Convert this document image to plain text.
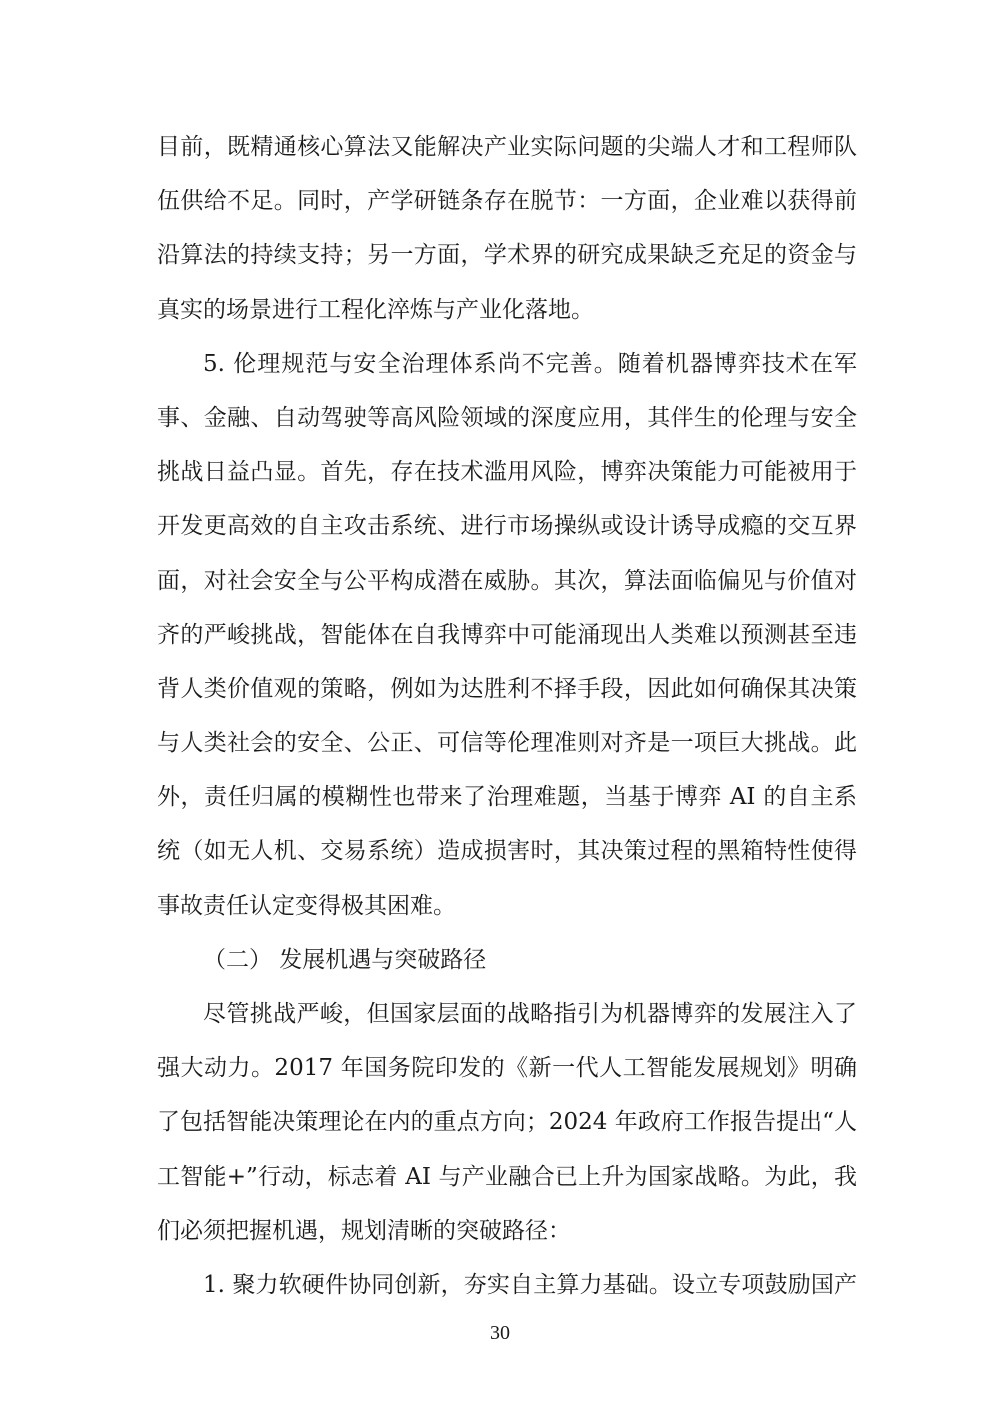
目前，既精通核心算法又能解决产业实际问题的尖端人才和工程师队
伍供给不足。同时，产学研链条存在脱节：一方面，企业难以获得前
沿算法的持续支持；另一方面，学术界的研究成果缺乏充足的资金与
真实的场景进行工程化淬炼与产业化落地。
5. 伦理规范与安全治理体系尚不完善。随着机器博弈技术在军
事、金融、自动驾驶等高风险领域的深度应用，其伴生的伦理与安全
挑战日益凸显。首先，存在技术滥用风险，博弈决策能力可能被用于
开发更高效的自主攻击系统、进行市场操纵或设计诱导成瘾的交互界
面，对社会安全与公平构成潜在威胁。其次，算法面临偏见与价值对
齐的严峻挑战，智能体在自我博弈中可能涌现出人类难以预测甚至违
背人类价值观的策略，例如为达胜利不择手段，因此如何确保其决策
与人类社会的安全、公正、可信等伦理准则对齐是一项巨大挑战。此
外，责任归属的模糊性也带来了治理难题，当基于博弈 AI 的自主系
统（如无人机、交易系统）造成损害时，其决策过程的黑箱特性使得
事故责任认定变得极其困难。
（二） 发展机遇与突破路径
尽管挑战严峻，但国家层面的战略指引为机器博弈的发展注入了
强大动力。2017 年国务院印发的《新一代人工智能发展规划》明确
了包括智能决策理论在内的重点方向；2024 年政府工作报告提出“人
工智能+”行动，标志着 AI 与产业融合已上升为国家战略。为此，我
们必须把握机遇，规划清晰的突破路径：
1. 聚力软硬件协同创新，夯实自主算力基础。设立专项鼓励国产
30
